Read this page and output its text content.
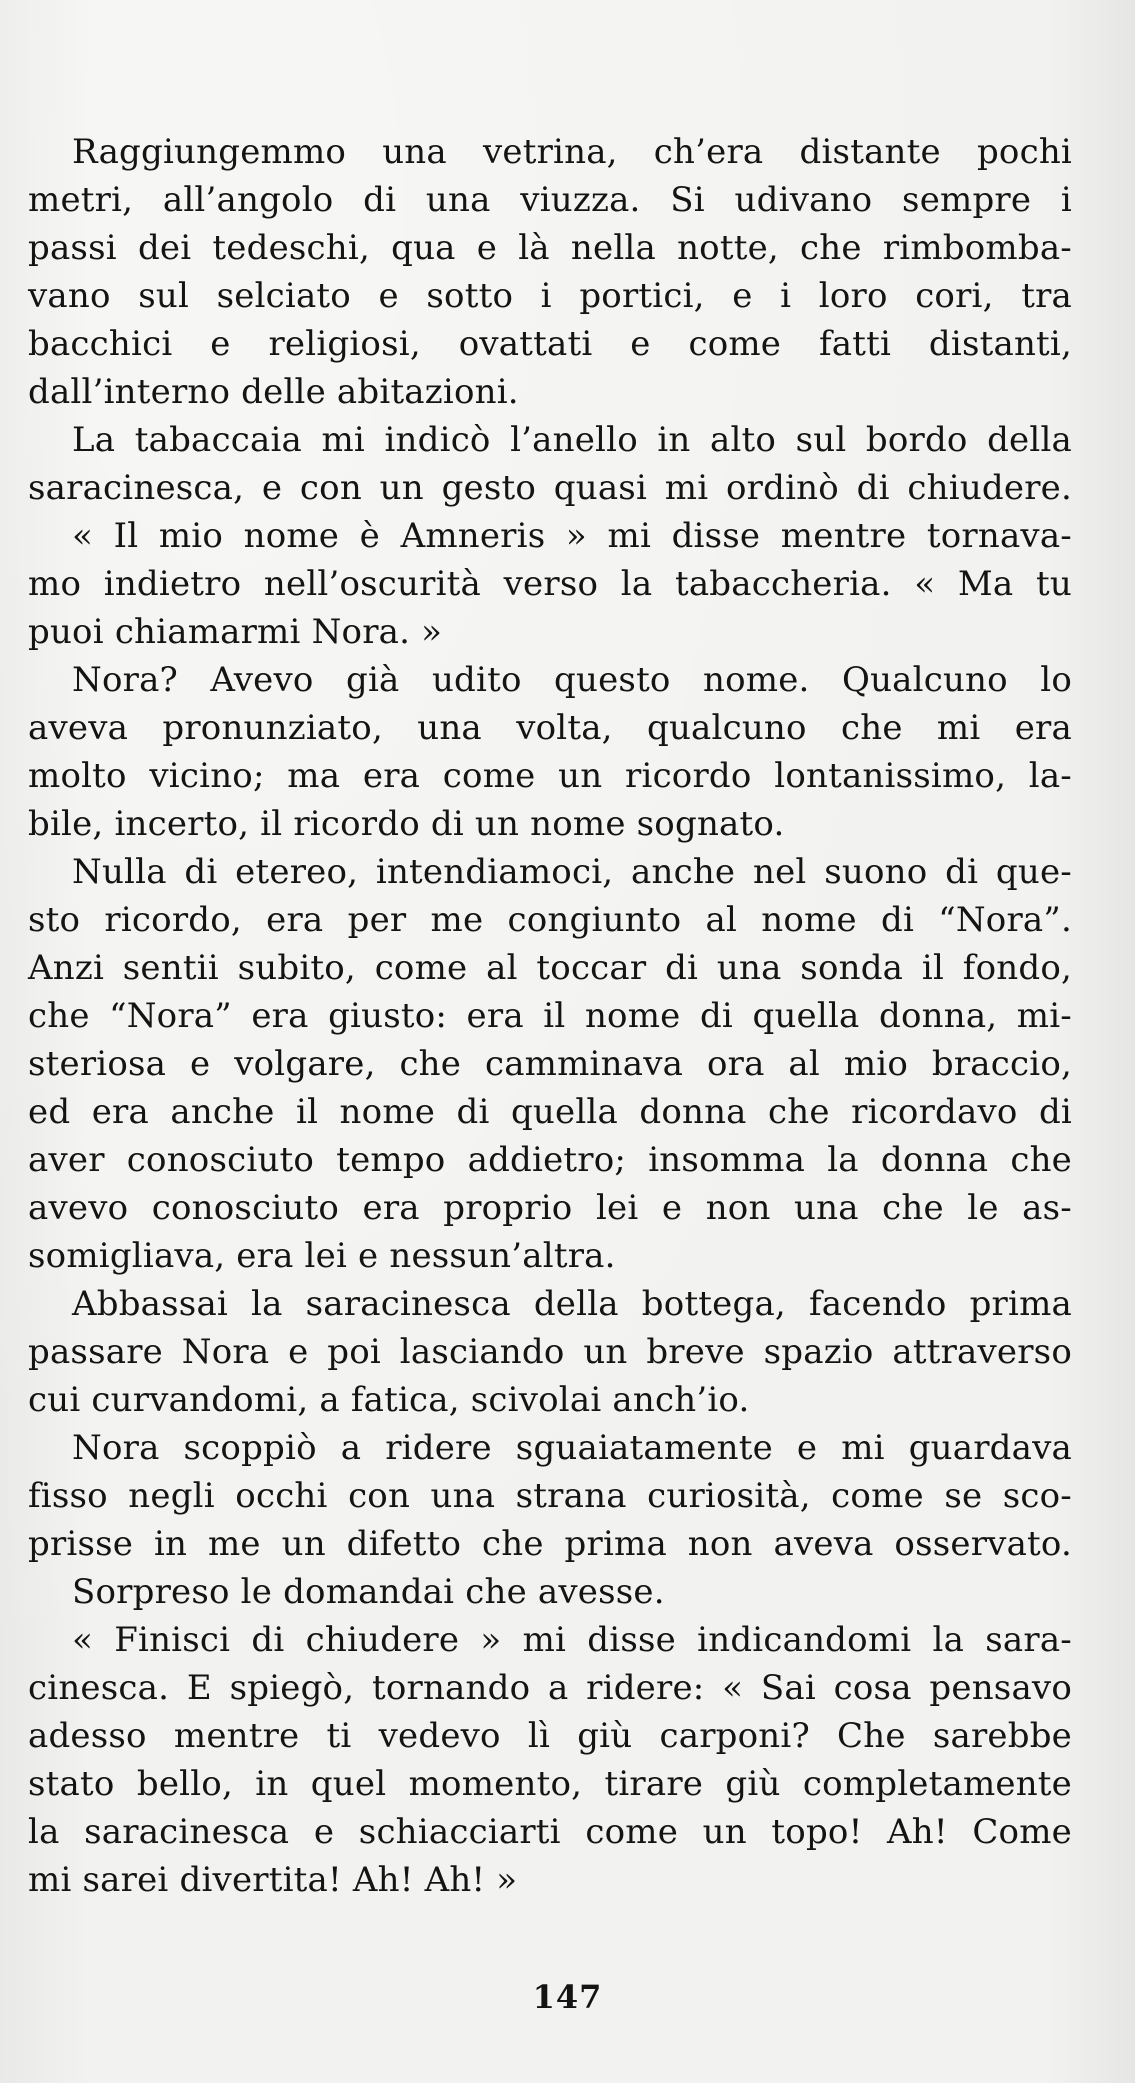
Raggiungemmo una vetrina, ch’era distante pochi
metri, all’angolo di una viuzza. Si udivano sempre i
passi dei tedeschi, qua e là nella notte, che rimbomba-
vano sul selciato e sotto i portici, e i loro cori, tra
bacchici e religiosi, ovattati e come fatti distanti,
dall’interno delle abitazioni.
La tabaccaia mi indicò l’anello in alto sul bordo della
saracinesca, e con un gesto quasi mi ordinò di chiudere.
« Il mio nome è Amneris » mi disse mentre tornava-
mo indietro nell’oscurità verso la tabaccheria. « Ma tu
puoi chiamarmi Nora. »
Nora? Avevo già udito questo nome. Qualcuno lo
aveva pronunziato, una volta, qualcuno che mi era
molto vicino; ma era come un ricordo lontanissimo, la-
bile, incerto, il ricordo di un nome sognato.
Nulla di etereo, intendiamoci, anche nel suono di que-
sto ricordo, era per me congiunto al nome di “Nora”.
Anzi sentii subito, come al toccar di una sonda il fondo,
che “Nora” era giusto: era il nome di quella donna, mi-
steriosa e volgare, che camminava ora al mio braccio,
ed era anche il nome di quella donna che ricordavo di
aver conosciuto tempo addietro; insomma la donna che
avevo conosciuto era proprio lei e non una che le as-
somigliava, era lei e nessun’altra.
Abbassai la saracinesca della bottega, facendo prima
passare Nora e poi lasciando un breve spazio attraverso
cui curvandomi, a fatica, scivolai anch’io.
Nora scoppiò a ridere sguaiatamente e mi guardava
fisso negli occhi con una strana curiosità, come se sco-
prisse in me un difetto che prima non aveva osservato.
Sorpreso le domandai che avesse.
« Finisci di chiudere » mi disse indicandomi la sara-
cinesca. E spiegò, tornando a ridere: « Sai cosa pensavo
adesso mentre ti vedevo lì giù carponi? Che sarebbe
stato bello, in quel momento, tirare giù completamente
la saracinesca e schiacciarti come un topo! Ah! Come
mi sarei divertita! Ah! Ah! »
147
